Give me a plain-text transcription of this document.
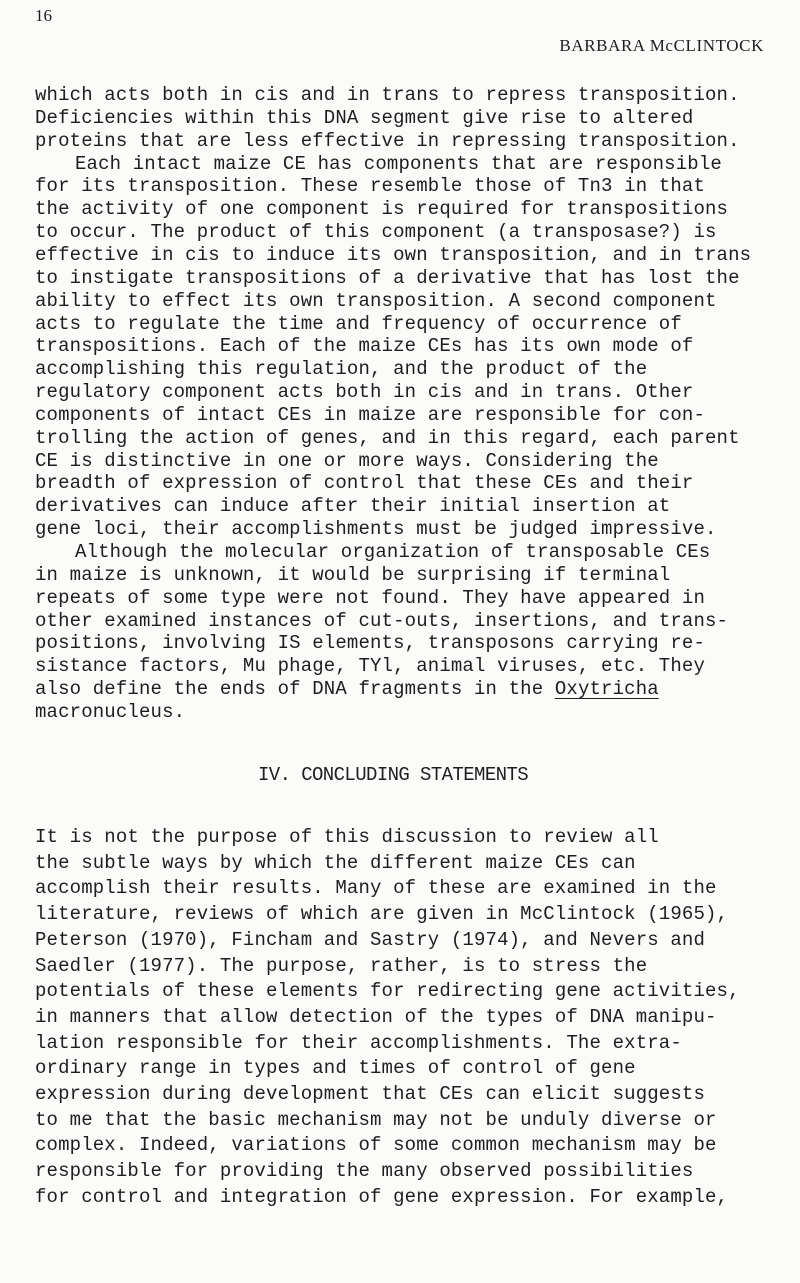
16
BARBARA McCLINTOCK
which acts both in cis and in trans to repress transposition.
Deficiencies within this DNA segment give rise to altered
proteins that are less effective in repressing transposition.
Each intact maize CE has components that are responsible
for its transposition. These resemble those of Tn3 in that
the activity of one component is required for transpositions
to occur. The product of this component (a transposase?) is
effective in cis to induce its own transposition, and in trans
to instigate transpositions of a derivative that has lost the
ability to effect its own transposition. A second component
acts to regulate the time and frequency of occurrence of
transpositions. Each of the maize CEs has its own mode of
accomplishing this regulation, and the product of the
regulatory component acts both in cis and in trans. Other
components of intact CEs in maize are responsible for con-
trolling the action of genes, and in this regard, each parent
CE is distinctive in one or more ways. Considering the
breadth of expression of control that these CEs and their
derivatives can induce after their initial insertion at
gene loci, their accomplishments must be judged impressive.
Although the molecular organization of transposable CEs
in maize is unknown, it would be surprising if terminal
repeats of some type were not found. They have appeared in
other examined instances of cut-outs, insertions, and trans-
positions, involving IS elements, transposons carrying re-
sistance factors, Mu phage, TYl, animal viruses, etc. They
also define the ends of DNA fragments in the Oxytricha
macronucleus.
IV. CONCLUDING STATEMENTS
It is not the purpose of this discussion to review all
the subtle ways by which the different maize CEs can
accomplish their results. Many of these are examined in the
literature, reviews of which are given in McClintock (1965),
Peterson (1970), Fincham and Sastry (1974), and Nevers and
Saedler (1977). The purpose, rather, is to stress the
potentials of these elements for redirecting gene activities,
in manners that allow detection of the types of DNA manipu-
lation responsible for their accomplishments. The extra-
ordinary range in types and times of control of gene
expression during development that CEs can elicit suggests
to me that the basic mechanism may not be unduly diverse or
complex. Indeed, variations of some common mechanism may be
responsible for providing the many observed possibilities
for control and integration of gene expression. For example,
